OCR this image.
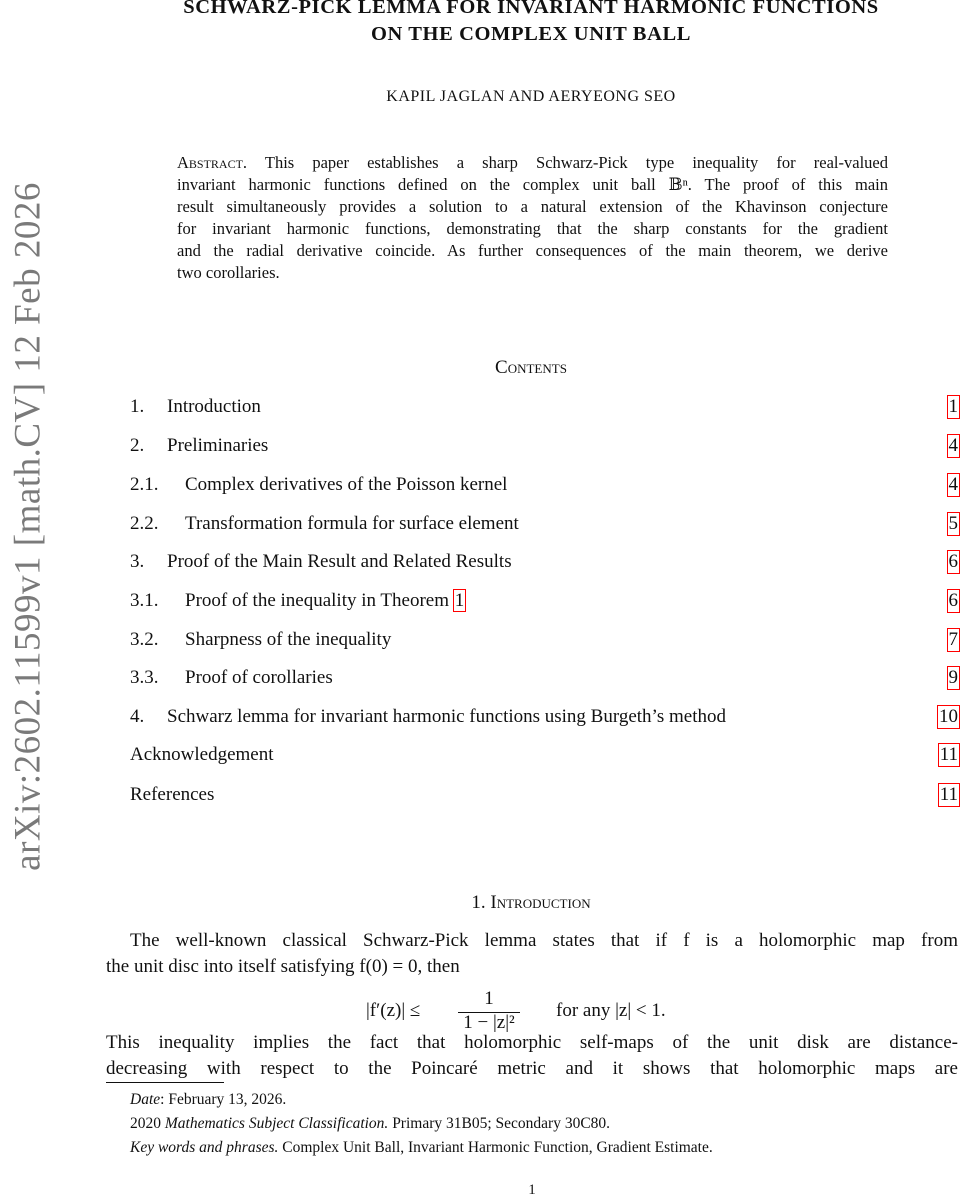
arXiv:2602.11599v1 [math.CV] 12 Feb 2026
SCHWARZ-PICK LEMMA FOR INVARIANT HARMONIC FUNCTIONS
ON THE COMPLEX UNIT BALL
KAPIL JAGLAN AND AERYEONG SEO
Abstract. This paper establishes a sharp Schwarz-Pick type inequality for real-valued
invariant harmonic functions defined on the complex unit ball 𝔹ⁿ. The proof of this main
result simultaneously provides a solution to a natural extension of the Khavinson conjecture
for invariant harmonic functions, demonstrating that the sharp constants for the gradient
and the radial derivative coincide. As further consequences of the main theorem, we derive
two corollaries.
Contents
1. Introduction	1
2. Preliminaries	4
2.1. Complex derivatives of the Poisson kernel	4
2.2. Transformation formula for surface element	5
3. Proof of the Main Result and Related Results	6
3.1. Proof of the inequality in Theorem 1	6
3.2. Sharpness of the inequality	7
3.3. Proof of corollaries	9
4. Schwarz lemma for invariant harmonic functions using Burgeth’s method	10
Acknowledgement	11
References	11
1. Introduction
The well-known classical Schwarz-Pick lemma states that if f is a holomorphic map from
the unit disc into itself satisfying f(0) = 0, then
|f′(z)| ≤
1
1 − |z|²
for any |z| < 1.
This inequality implies the fact that holomorphic self-maps of the unit disk are distance-
decreasing with respect to the Poincaré metric and it shows that holomorphic maps are
Date: February 13, 2026.
2020 Mathematics Subject Classification. Primary 31B05; Secondary 30C80.
Key words and phrases. Complex Unit Ball, Invariant Harmonic Function, Gradient Estimate.
1
